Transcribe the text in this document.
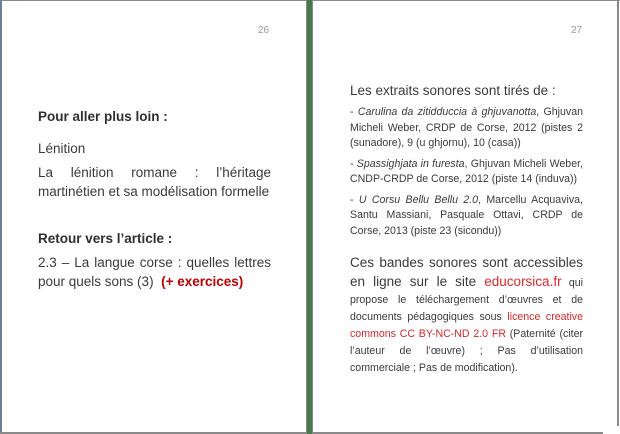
26

Pour aller plus loin :

Lénition

La lénition romane : l’héritage martinétien et sa modélisation formelle

Retour vers l’article :

2.3 – La langue corse : quelles lettres pour quels sons (3) (+ exercices)

27

Les extraits sonores sont tirés de :

- Carulina da zitidduccia à ghjuvanotta, Ghjuvan Micheli Weber, CRDP de Corse, 2012 (pistes 2 (sunadore), 9 (u ghjornu), 10 (casa))

- Spassighjata in furesta, Ghjuvan Micheli Weber, CNDP-CRDP de Corse, 2012 (piste 14 (induva))

- U Corsu Bellu Bellu 2.0, Marcellu Acquaviva, Santu Massiani, Pasquale Ottavi, CRDP de Corse, 2013 (piste 23 (sicondu))

Ces bandes sonores sont accessibles en ligne sur le site educorsica.fr qui propose le téléchargement d’œuvres et de documents pédagogiques sous licence creative commons CC BY-NC-ND 2.0 FR (Paternité (citer l’auteur de l’œuvre) ; Pas d’utilisation commerciale ; Pas de modification).
